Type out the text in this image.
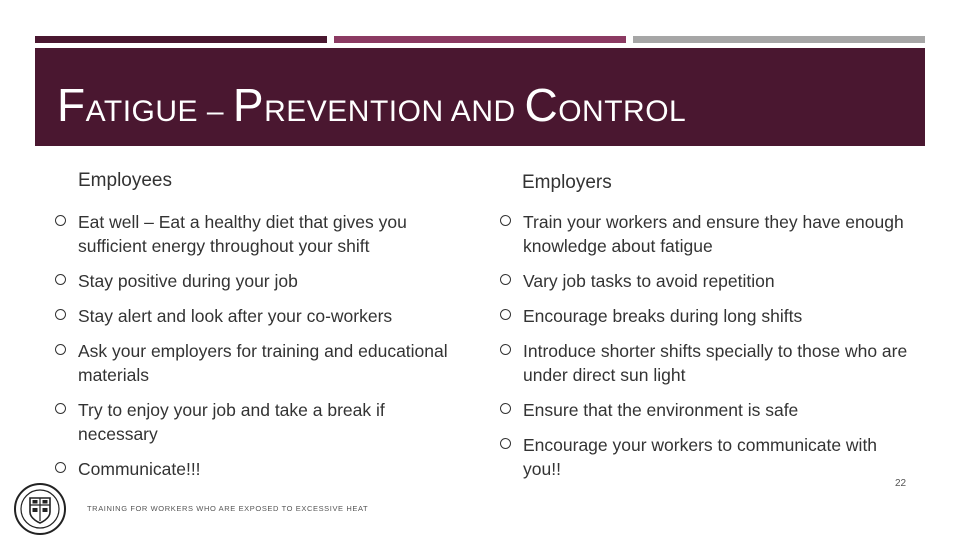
FATIGUE – PREVENTION AND CONTROL
Employees	Employers
Eat well – Eat a healthy diet that gives you sufficient energy throughout your shift
Stay positive during your job
Stay alert and look after your co-workers
Ask your employers for training and educational materials
Try to enjoy your job and take a break if necessary
Communicate!!!
Train your workers and ensure they have enough knowledge about fatigue
Vary job tasks to avoid repetition
Encourage breaks during long shifts
Introduce shorter shifts specially to those who are under direct sun light
Ensure that the environment is safe
Encourage your workers to communicate with you!!
TRAINING FOR WORKERS WHO ARE EXPOSED TO EXCESSIVE HEAT
22
